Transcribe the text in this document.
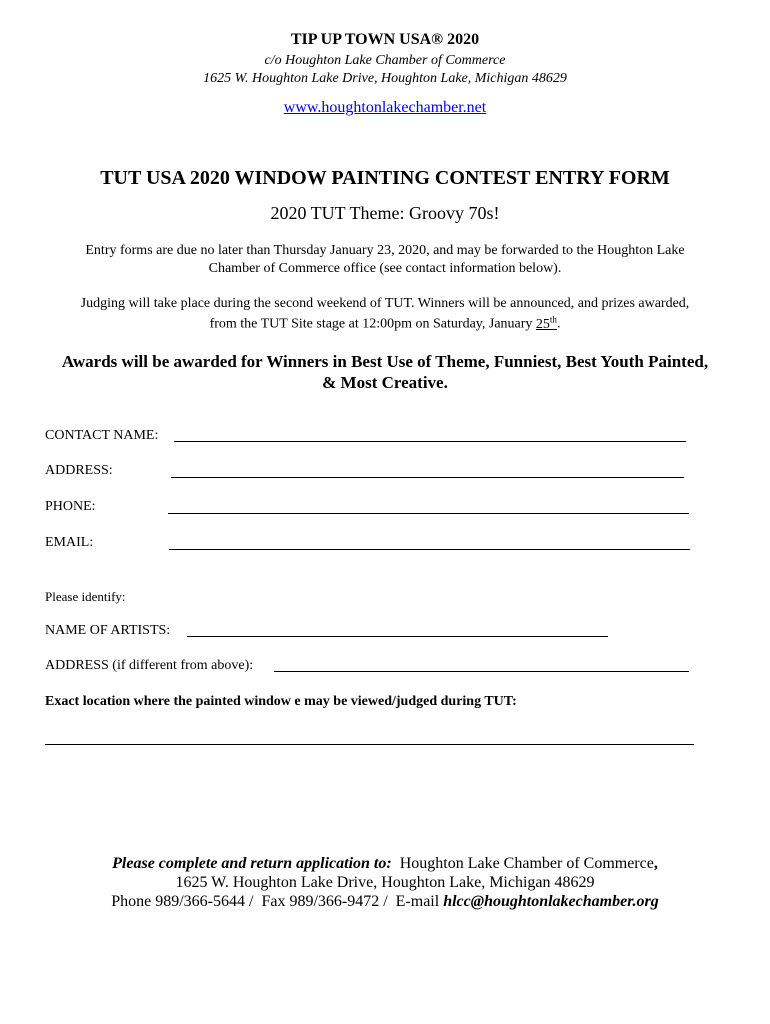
TIP UP TOWN USA® 2020
c/o Houghton Lake Chamber of Commerce
1625 W. Houghton Lake Drive, Houghton Lake, Michigan 48629
www.houghtonlakechamber.net
TUT USA 2020 WINDOW PAINTING CONTEST ENTRY FORM
2020 TUT Theme: Groovy 70s!
Entry forms are due no later than Thursday January 23, 2020, and may be forwarded to the Houghton Lake
Chamber of Commerce office (see contact information below).
Judging will take place during the second weekend of TUT. Winners will be announced, and prizes awarded,
from the TUT Site stage at 12:00pm on Saturday, January 25th.
Awards will be awarded for Winners in Best Use of Theme, Funniest, Best Youth Painted,
& Most Creative.
CONTACT NAME:
ADDRESS:
PHONE:
EMAIL:
Please identify:
NAME OF ARTISTS:
ADDRESS (if different from above):
Exact location where the painted window e may be viewed/judged during TUT:
Please complete and return application to:  Houghton Lake Chamber of Commerce,
1625 W. Houghton Lake Drive, Houghton Lake, Michigan 48629
Phone 989/366-5644 /  Fax 989/366-9472 /  E-mail hlcc@houghtonlakechamber.org
